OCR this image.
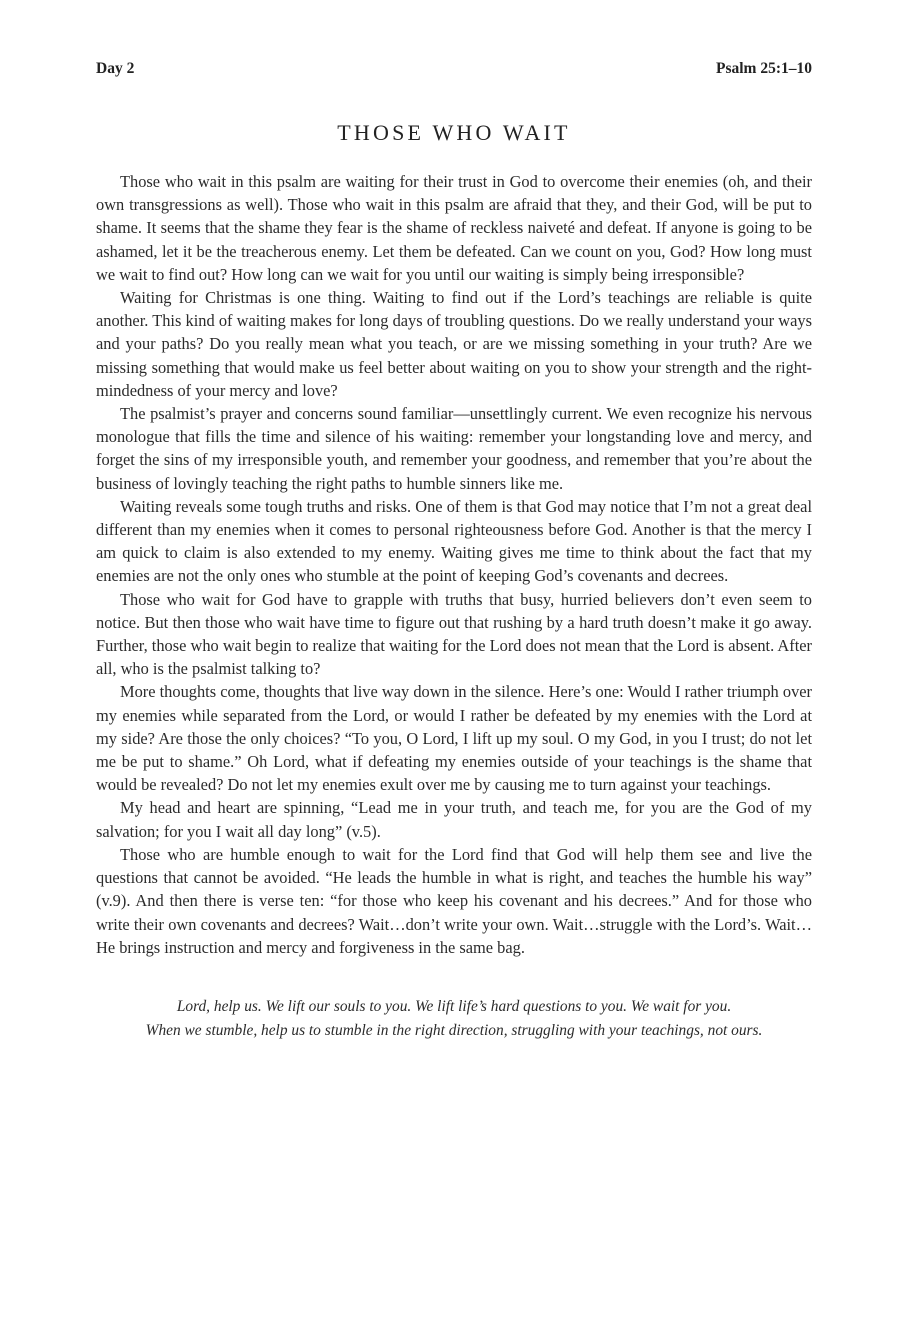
Day 2	Psalm 25:1–10
THOSE WHO WAIT

Those who wait in this psalm are waiting for their trust in God to overcome their enemies (oh, and their own transgressions as well). Those who wait in this psalm are afraid that they, and their God, will be put to shame. It seems that the shame they fear is the shame of reckless naiveté and defeat. If anyone is going to be ashamed, let it be the treacherous enemy. Let them be defeated. Can we count on you, God? How long must we wait to find out? How long can we wait for you until our waiting is simply being irresponsible?

Waiting for Christmas is one thing. Waiting to find out if the Lord’s teachings are reliable is quite another. This kind of waiting makes for long days of troubling questions. Do we really understand your ways and your paths? Do you really mean what you teach, or are we missing something in your truth? Are we missing something that would make us feel better about waiting on you to show your strength and the right-mindedness of your mercy and love?

The psalmist’s prayer and concerns sound familiar—unsettlingly current. We even recognize his nervous monologue that fills the time and silence of his waiting: remember your longstanding love and mercy, and forget the sins of my irresponsible youth, and remember your goodness, and remember that you’re about the business of lovingly teaching the right paths to humble sinners like me.

Waiting reveals some tough truths and risks. One of them is that God may notice that I’m not a great deal different than my enemies when it comes to personal righteousness before God. Another is that the mercy I am quick to claim is also extended to my enemy. Waiting gives me time to think about the fact that my enemies are not the only ones who stumble at the point of keeping God’s covenants and decrees.

Those who wait for God have to grapple with truths that busy, hurried believers don’t even seem to notice. But then those who wait have time to figure out that rushing by a hard truth doesn’t make it go away. Further, those who wait begin to realize that waiting for the Lord does not mean that the Lord is absent. After all, who is the psalmist talking to?

More thoughts come, thoughts that live way down in the silence. Here’s one: Would I rather triumph over my enemies while separated from the Lord, or would I rather be defeated by my enemies with the Lord at my side? Are those the only choices? “To you, O Lord, I lift up my soul. O my God, in you I trust; do not let me be put to shame.” Oh Lord, what if defeating my enemies outside of your teachings is the shame that would be revealed? Do not let my enemies exult over me by causing me to turn against your teachings.

My head and heart are spinning, “Lead me in your truth, and teach me, for you are the God of my salvation; for you I wait all day long” (v.5).

Those who are humble enough to wait for the Lord find that God will help them see and live the questions that cannot be avoided. “He leads the humble in what is right, and teaches the humble his way” (v.9). And then there is verse ten: “for those who keep his covenant and his decrees.” And for those who write their own covenants and decrees? Wait…don’t write your own. Wait…struggle with the Lord’s. Wait…He brings instruction and mercy and forgiveness in the same bag.

Lord, help us. We lift our souls to you. We lift life’s hard questions to you. We wait for you.
When we stumble, help us to stumble in the right direction, struggling with your teachings, not ours.
